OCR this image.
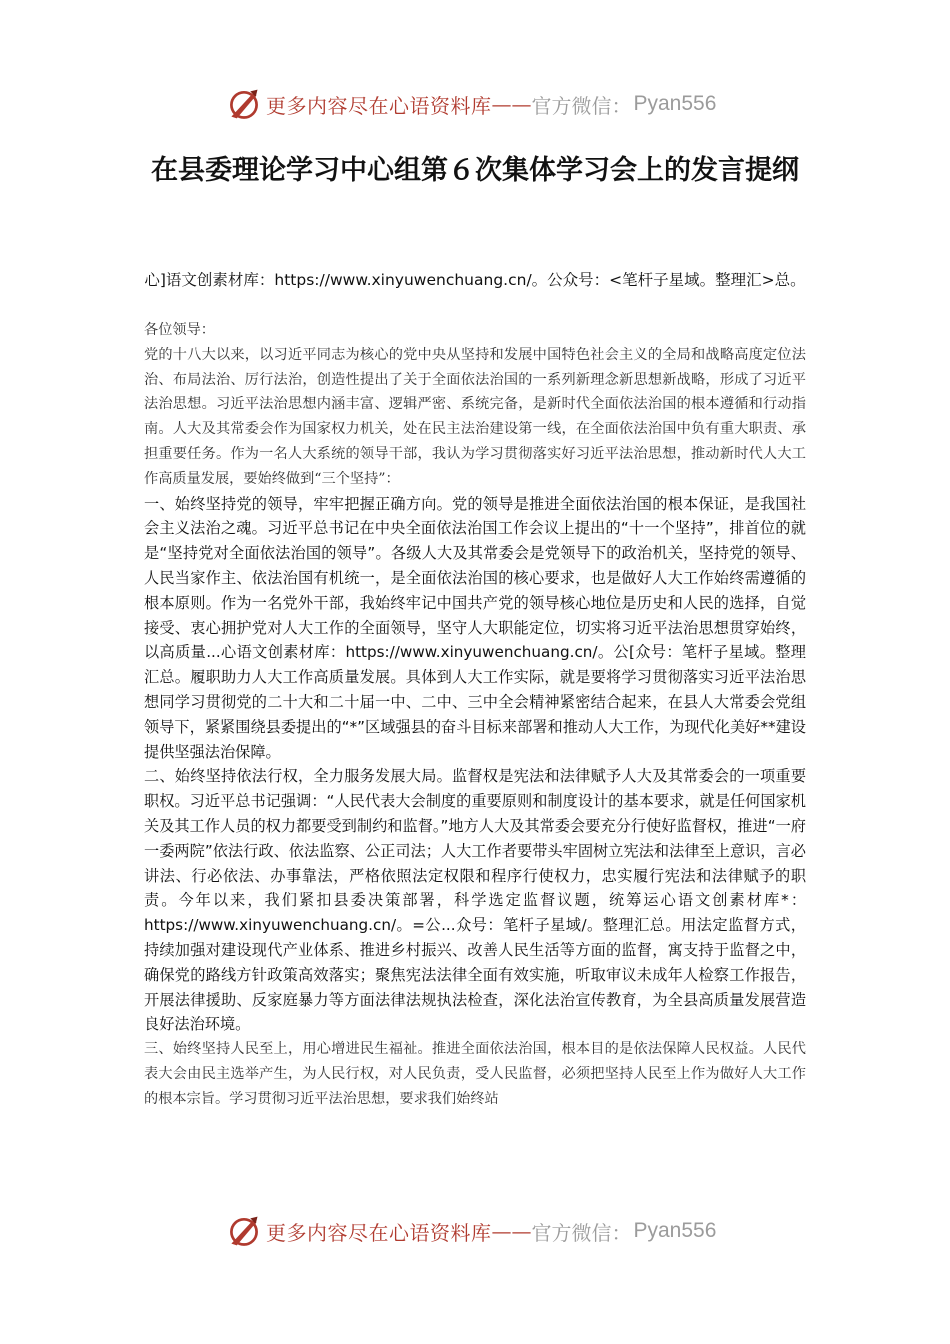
更多内容尽在心语资料库 —— 官方微信： Pyan556
在县委理论学习中心组第６次集体学习会上的发言提纲
心]语文创素材库：https://www.xinyuwenchuang.cn/。公众号：<笔杆子星域。整理汇>总。

各位领导：

党的十八大以来，以习近平同志为核心的党中央从坚持和发展中国特色社会主义的全局和战略高度定位法治、布局法治、厉行法治，创造性提出了关于全面依法治国的一系列新理念新思想新战略，形成了习近平法治思想。习近平法治思想内涵丰富、逻辑严密、系统完备，是新时代全面依法治国的根本遵循和行动指南。人大及其常委会作为国家权力机关，处在民主法治建设第一线，在全面依法治国中负有重大职责、承担重要任务。作为一名人大系统的领导干部，我认为学习贯彻落实好习近平法治思想，推动新时代人大工作高质量发展，要始终做到“三个坚持”：

一、始终坚持党的领导，牢牢把握正确方向。党的领导是推进全面依法治国的根本保证，是我国社会主义法治之魂。习近平总书记在中央全面依法治国工作会议上提出的“十一个坚持”，排首位的就是“坚持党对全面依法治国的领导”。各级人大及其常委会是党领导下的政治机关，坚持党的领导、人民当家作主、依法治国有机统一，是全面依法治国的核心要求，也是做好人大工作始终需遵循的根本原则。作为一名党外干部，我始终牢记中国共产党的领导核心地位是历史和人民的选择，自觉接受、衷心拥护党对人大工作的全面领导，坚守人大职能定位，切实将习近平法治思想贯穿始终，以高质量...心语文创素材库：https://www.xinyuwenchuang.cn/。公[众号：笔杆子星域。整理汇总。履职助力人大工作高质量发展。具体到人大工作实际，就是要将学习贯彻落实习近平法治思想同学习贯彻党的二十大和二十届一中、二中、三中全会精神紧密结合起来，在县人大常委会党组领导下，紧紧围绕县委提出的“*”区域强县的奋斗目标来部署和推动人大工作，为现代化美好**建设提供坚强法治保障。

二、始终坚持依法行权，全力服务发展大局。监督权是宪法和法律赋予人大及其常委会的一项重要职权。习近平总书记强调：“人民代表大会制度的重要原则和制度设计的基本要求，就是任何国家机关及其工作人员的权力都要受到制约和监督。”地方人大及其常委会要充分行使好监督权，推进“一府一委两院”依法行政、依法监察、公正司法；人大工作者要带头牢固树立宪法和法律至上意识，言必讲法、行必依法、办事靠法，严格依照法定权限和程序行使权力，忠实履行宪法和法律赋予的职责。今年以来，我们紧扣县委决策部署，科学选定监督议题，统筹运心语文创素材库*：https://www.xinyuwenchuang.cn/。=公...众号：笔杆子星域/。整理汇总。用法定监督方式，持续加强对建设现代产业体系、推进乡村振兴、改善人民生活等方面的监督，寓支持于监督之中，确保党的路线方针政策高效落实；聚焦宪法法律全面有效实施，听取审议未成年人检察工作报告，开展法律援助、反家庭暴力等方面法律法规执法检查，深化法治宣传教育，为全县高质量发展营造良好法治环境。

三、始终坚持人民至上，用心增进民生福祉。推进全面依法治国，根本目的是依法保障人民权益。人民代表大会由民主选举产生，为人民行权，对人民负责，受人民监督，必须把坚持人民至上作为做好人大工作的根本宗旨。学习贯彻习近平法治思想，要求我们始终站

更多内容尽在心语资料库 —— 官方微信： Pyan556
